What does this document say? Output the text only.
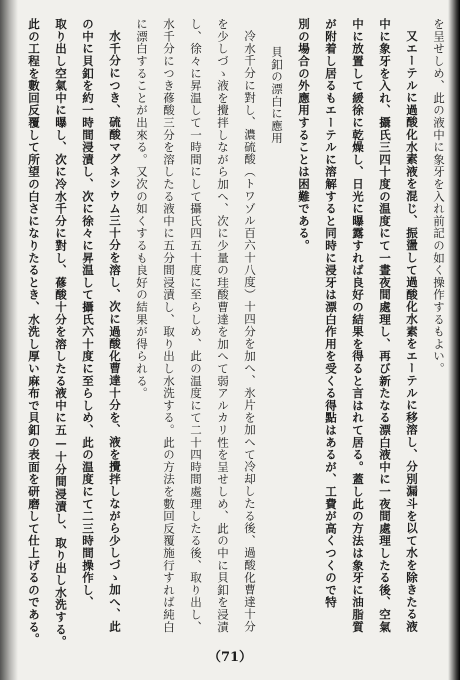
を呈せしめ、此の液中に象牙を入れ前記の如く操作するもよい。
又エーテルに過酸化水素液を混じ、振盪して過酸化水素をエーテルに移溶し、分別漏斗を以て水を除きたる液
中に象牙を入れ、攝氏三四十度の温度にて一晝夜間處理し、再び新たなる漂白液中に一夜間處理したる後、空氣
中に放置して緩徐に乾燥し、日光に曝露すれば良好の結果を得ると言はれて居る。蓋し此の方法は象牙に油脂質
が附着し居るもエーテルに溶解すると同時に浸牙は漂白作用を受くる得點はあるが、工費が高くつくので特
別の場合の外應用することは困難である。
貝釦の漂白に應用
冷水千分に對し、濃硫酸（トワゾル百六十八度）十四分を加へ、氷片を加へて冷却したる後、過酸化曹達十分
を少しづゝ液を攪拌しながら加へ、次に少量の珪酸曹達を加へて弱アルカリ性を呈せしめ、此の中に貝釦を浸漬
し、徐々に昇温して一時間にして攝氏四五十度に至らしめ、此の温度にて二十四時間處理したる後、取り出し、
水千分につき蓚酸三分を溶したる液中に五分間浸漬し、取り出し水洗する。此の方法を數回反覆施行すれば純白
に漂白することが出來る。又次の如くするも良好の結果が得られる。
水千分につき、硫酸マグネシウム三十分を溶し、次に過酸化曹達十分を、液を攪拌しながら少しづゝ加へ、此
の中に貝釦を約一時間浸漬し、次に徐々に昇温して攝氏六十度に至らしめ、此の温度にて二三時間操作し、
取り出し空氣中に曝し、次に冷水千分に對し、蓚酸十分を溶したる液中に五—十分間浸漬し、取り出し水洗する。
此の工程を數回反覆して所望の白さになりたるとき、水洗し厚い麻布で貝釦の表面を研磨して仕上げるのである。
（71）
